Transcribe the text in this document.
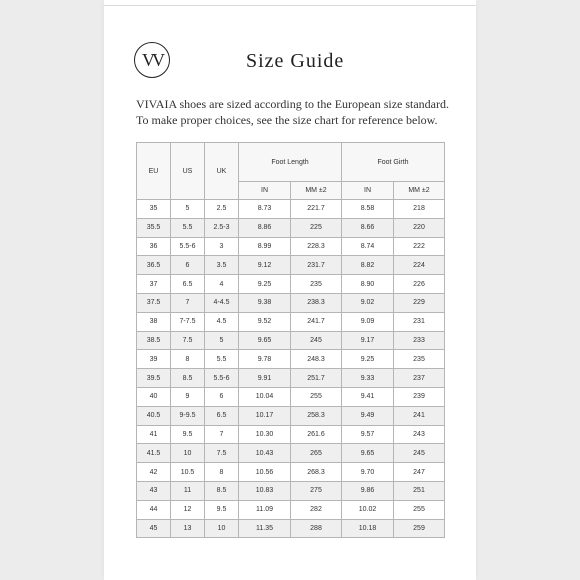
VV	Size Guide
VIVAIA shoes are sized according to the European size standard.
To make proper choices, see the size chart for reference below.
EU	US	UK	Foot Length		Foot Girth	
			IN	MM ±2	IN	MM ±2
35	5	2.5	8.73	221.7	8.58	218
35.5	5.5	2.5-3	8.86	225	8.66	220
36	5.5-6	3	8.99	228.3	8.74	222
36.5	6	3.5	9.12	231.7	8.82	224
37	6.5	4	9.25	235	8.90	226
37.5	7	4-4.5	9.38	238.3	9.02	229
38	7-7.5	4.5	9.52	241.7	9.09	231
38.5	7.5	5	9.65	245	9.17	233
39	8	5.5	9.78	248.3	9.25	235
39.5	8.5	5.5-6	9.91	251.7	9.33	237
40	9	6	10.04	255	9.41	239
40.5	9-9.5	6.5	10.17	258.3	9.49	241
41	9.5	7	10.30	261.6	9.57	243
41.5	10	7.5	10.43	265	9.65	245
42	10.5	8	10.56	268.3	9.70	247
43	11	8.5	10.83	275	9.86	251
44	12	9.5	11.09	282	10.02	255
45	13	10	11.35	288	10.18	259
